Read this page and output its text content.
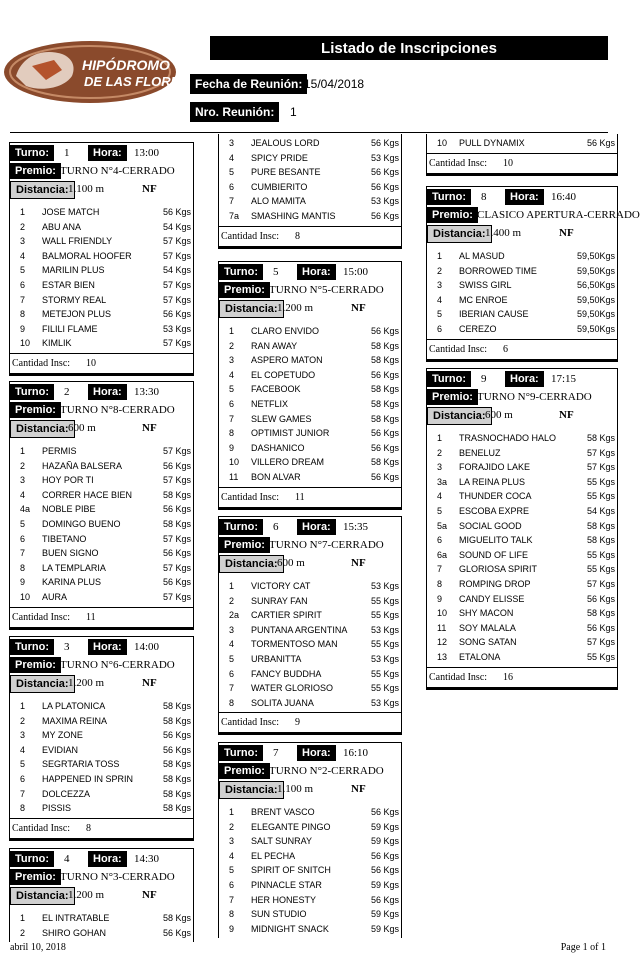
HIPÓDROMO
DE LAS FLORES
Listado de Inscripciones
Fecha de Reunión: 15/04/2018
Nro. Reunión:	1
Turno:	1	Hora:	13:00
Premio: TURNO N°4-CERRADO
Distancia: 1.100 m	NF
1 JOSE MATCH	56 Kgs
2 ABU ANA	54 Kgs
3 WALL FRIENDLY	57 Kgs
4 BALMORAL HOOFER	57 Kgs
5 MARILIN PLUS	54 Kgs
6 ESTAR BIEN	57 Kgs
7 STORMY REAL	57 Kgs
8 METEJON PLUS	56 Kgs
9 FILILI FLAME	53 Kgs
10 KIMLIK	57 Kgs
Cantidad Insc: 10
Turno:	2	Hora:	13:30
Premio: TURNO N°8-CERRADO
Distancia: 600 m	NF
1 PERMIS	57 Kgs
2 HAZAÑA BALSERA	56 Kgs
3 HOY POR TI	57 Kgs
4 CORRER HACE BIEN	58 Kgs
4a NOBLE PIBE	56 Kgs
5 DOMINGO BUENO	58 Kgs
6 TIBETANO	57 Kgs
7 BUEN SIGNO	56 Kgs
8 LA TEMPLARIA	57 Kgs
9 KARINA PLUS	56 Kgs
10 AURA	57 Kgs
Cantidad Insc: 11
Turno:	3	Hora:	14:00
Premio: TURNO N°6-CERRADO
Distancia: 1.200 m	NF
1 LA PLATONICA	58 Kgs
2 MAXIMA REINA	58 Kgs
3 MY ZONE	56 Kgs
4 EVIDIAN	56 Kgs
5 SEGRTARIA TOSS	58 Kgs
6 HAPPENED IN SPRIN	58 Kgs
7 DOLCEZZA	58 Kgs
8 PISSIS	58 Kgs
Cantidad Insc: 8
Turno:	4	Hora:	14:30
Premio: TURNO N°3-CERRADO
Distancia: 1.200 m	NF
1 EL INTRATABLE	58 Kgs
2 SHIRO GOHAN	56 Kgs
3 JEALOUS LORD	56 Kgs
4 SPICY PRIDE	53 Kgs
5 PURE BESANTE	56 Kgs
6 CUMBIERITO	56 Kgs
7 ALO MAMITA	53 Kgs
7a SMASHING MANTIS	56 Kgs
Cantidad Insc: 8
Turno:	5	Hora:	15:00
Premio: TURNO N°5-CERRADO
Distancia: 1.200 m	NF
1 CLARO ENVIDO	56 Kgs
2 RAN AWAY	58 Kgs
3 ASPERO MATON	58 Kgs
4 EL COPETUDO	56 Kgs
5 FACEBOOK	58 Kgs
6 NETFLIX	58 Kgs
7 SLEW GAMES	58 Kgs
8 OPTIMIST JUNIOR	56 Kgs
9 DASHANICO	56 Kgs
10 VILLERO DREAM	58 Kgs
11 BON ALVAR	56 Kgs
Cantidad Insc: 11
Turno:	6	Hora:	15:35
Premio: TURNO N°7-CERRADO
Distancia: 600 m	NF
1 VICTORY CAT	53 Kgs
2 SUNRAY FAN	55 Kgs
2a CARTIER SPIRIT	55 Kgs
3 PUNTANA ARGENTINA	53 Kgs
4 TORMENTOSO MAN	55 Kgs
5 URBANITTA	53 Kgs
6 FANCY BUDDHA	55 Kgs
7 WATER GLORIOSO	55 Kgs
8 SOLITA JUANA	53 Kgs
Cantidad Insc: 9
Turno:	7	Hora:	16:10
Premio: TURNO N°2-CERRADO
Distancia: 1.100 m	NF
1 BRENT VASCO	56 Kgs
2 ELEGANTE PINGO	59 Kgs
3 SALT SUNRAY	59 Kgs
4 EL PECHA	56 Kgs
5 SPIRIT OF SNITCH	56 Kgs
6 PINNACLE STAR	59 Kgs
7 HER HONESTY	56 Kgs
8 SUN STUDIO	59 Kgs
9 MIDNIGHT SNACK	59 Kgs
10 PULL DYNAMIX	56 Kgs
Cantidad Insc: 10
Turno:	8	Hora:	16:40
Premio: CLASICO APERTURA-CERRADO
Distancia: 1.400 m	NF
1 AL MASUD	59,50Kgs
2 BORROWED TIME	59,50Kgs
3 SWISS GIRL	56,50Kgs
4 MC ENROE	59,50Kgs
5 IBERIAN CAUSE	59,50Kgs
6 CEREZO	59,50Kgs
Cantidad Insc: 6
Turno:	9	Hora:	17:15
Premio: TURNO N°9-CERRADO
Distancia: 600 m	NF
1 TRASNOCHADO HALO	58 Kgs
2 BENELUZ	57 Kgs
3 FORAJIDO LAKE	57 Kgs
3a LA REINA PLUS	55 Kgs
4 THUNDER COCA	55 Kgs
5 ESCOBA EXPRE	54 Kgs
5a SOCIAL GOOD	58 Kgs
6 MIGUELITO TALK	58 Kgs
6a SOUND OF LIFE	55 Kgs
7 GLORIOSA SPIRIT	55 Kgs
8 ROMPING DROP	57 Kgs
9 CANDY ELISSE	56 Kgs
10 SHY MACON	58 Kgs
11 SOY MALALA	56 Kgs
12 SONG SATAN	57 Kgs
13 ETALONA	55 Kgs
Cantidad Insc: 16
abril 10, 2018	Page 1 of 1
